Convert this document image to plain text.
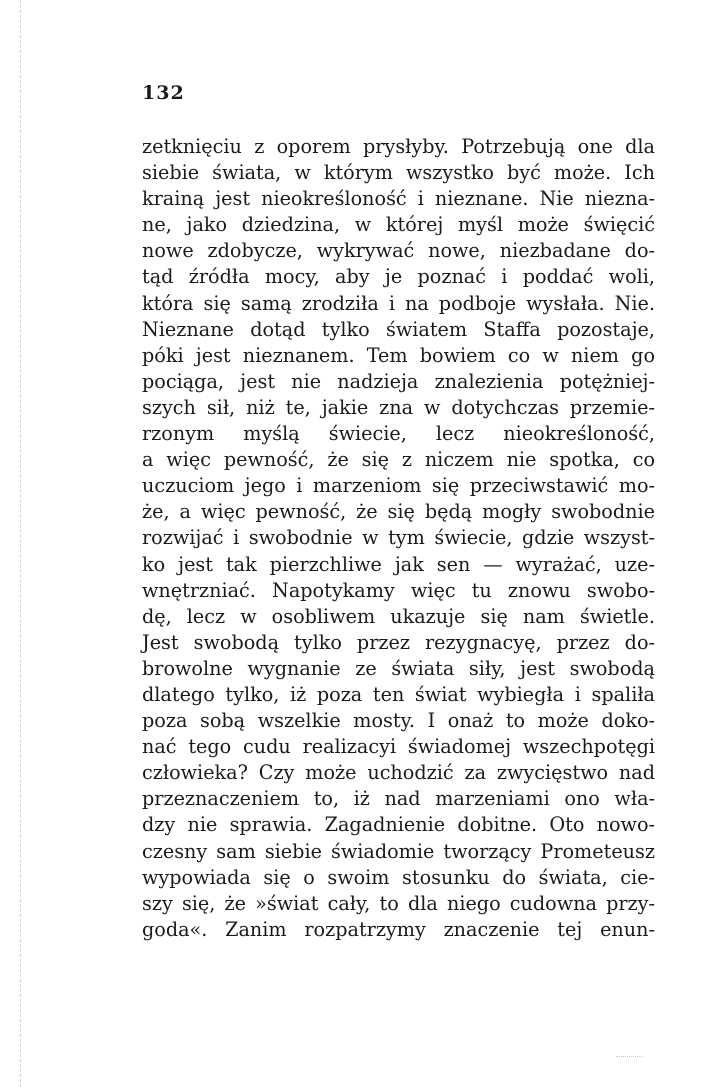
132
zetknięciu z oporem prysłyby. Potrzebują one dla
siebie świata, w którym wszystko być może. Ich
krainą jest nieokreśloność i nieznane. Nie niezna-
ne, jako dziedzina, w której myśl może święcić
nowe zdobycze, wykrywać nowe, niezbadane do-
tąd źródła mocy, aby je poznać i poddać woli,
która się samą zrodziła i na podboje wysłała. Nie.
Nieznane dotąd tylko światem Staffa pozostaje,
póki jest nieznanem. Tem bowiem co w niem go
pociąga, jest nie nadzieja znalezienia potężniej-
szych sił, niż te, jakie zna w dotychczas przemie-
rzonym myślą świecie, lecz nieokreśloność,
a więc pewność, że się z niczem nie spotka, co
uczuciom jego i marzeniom się przeciwstawić mo-
że, a więc pewność, że się będą mogły swobodnie
rozwijać i swobodnie w tym świecie, gdzie wszyst-
ko jest tak pierzchliwe jak sen — wyrażać, uze-
wnętrzniać. Napotykamy więc tu znowu swobo-
dę, lecz w osobliwem ukazuje się nam świetle.
Jest swobodą tylko przez rezygnacyę, przez do-
browolne wygnanie ze świata siły, jest swobodą
dlatego tylko, iż poza ten świat wybiegła i spaliła
poza sobą wszelkie mosty. I onaż to może doko-
nać tego cudu realizacyi świadomej wszechpotęgi
człowieka? Czy może uchodzić za zwycięstwo nad
przeznaczeniem to, iż nad marzeniami ono wła-
dzy nie sprawia. Zagadnienie dobitne. Oto nowo-
czesny sam siebie świadomie tworzący Prometeusz
wypowiada się o swoim stosunku do świata, cie-
szy się, że »świat cały, to dla niego cudowna przy-
goda«. Zanim rozpatrzymy znaczenie tej enun-
